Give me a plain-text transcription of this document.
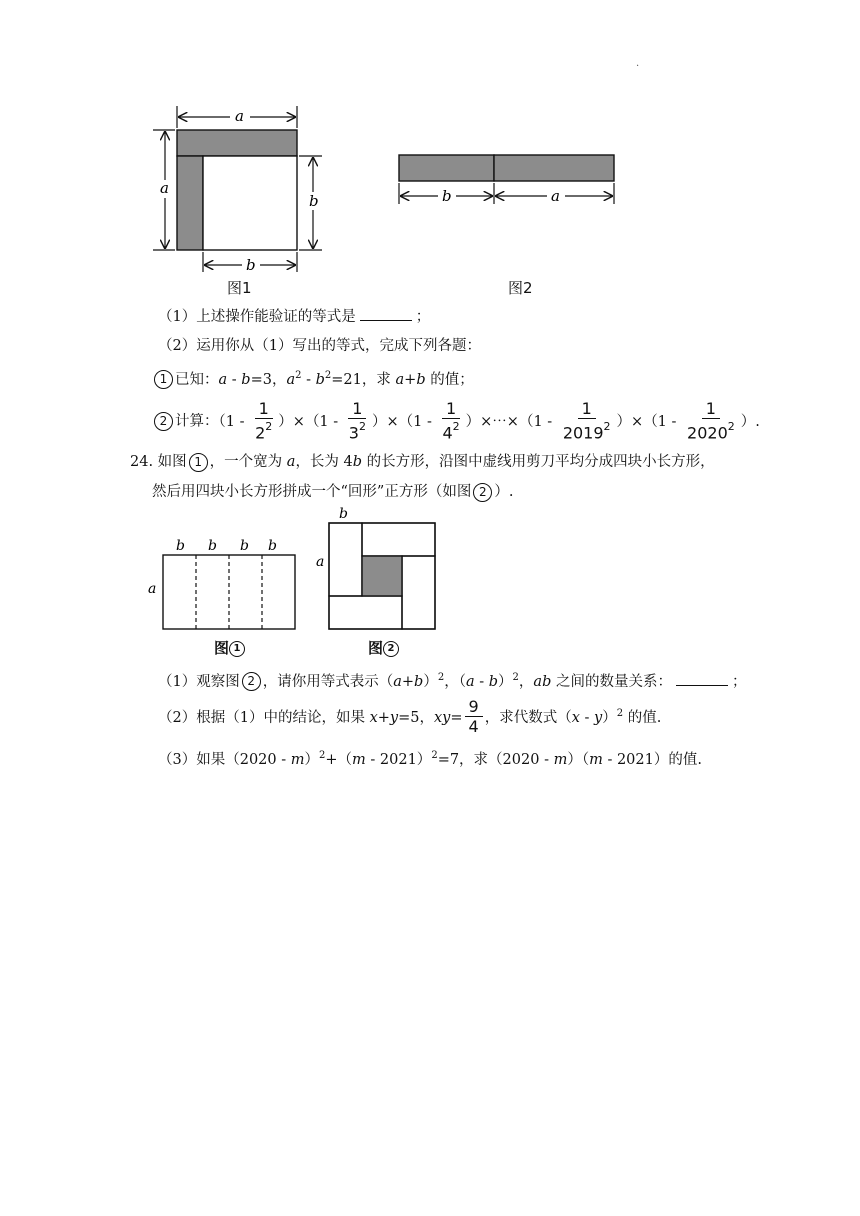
.
a
a
b
b
图1
b	a
图2
（1）上述操作能验证的等式是	；
（2）运用你从（1）写出的等式，完成下列各题：
1 已知：a - b=3，$a^2 - b^2=21$，求 a+b 的值；
2 计算：$(1 - \frac{1}{2^2} )\times(1 - \frac{1}{3^2} )\times(1 - \frac{1}{4^2}$ ）×⋯×（1 - $\frac{1}{2019^2} )\times(1 - \frac{1}{2020^2}$ ）.
24. 如图 1 ，一个宽为 a，长为 4b 的长方形，沿图中虚线用剪刀平均分成四块小长方形，
然后用四块小长方形拼成一个“回形”正方形（如图 2 ）.
b b b b
a
图 1
b
a
图 2
（1）观察图 2 ，请你用等式表示$(a+b)^2$，（a - b）$^2$，ab 之间的数量关系：	；
（2）根据（1）中的结论，如果 x+y=5，$xy= \frac{9}{4}$ ，求代数式（x - y）$^2$ 的值.
（3）如果（2020 - m）$^2$+（m - 2021）$^2$=7，求（2020 - m）（m - 2021）的值.
